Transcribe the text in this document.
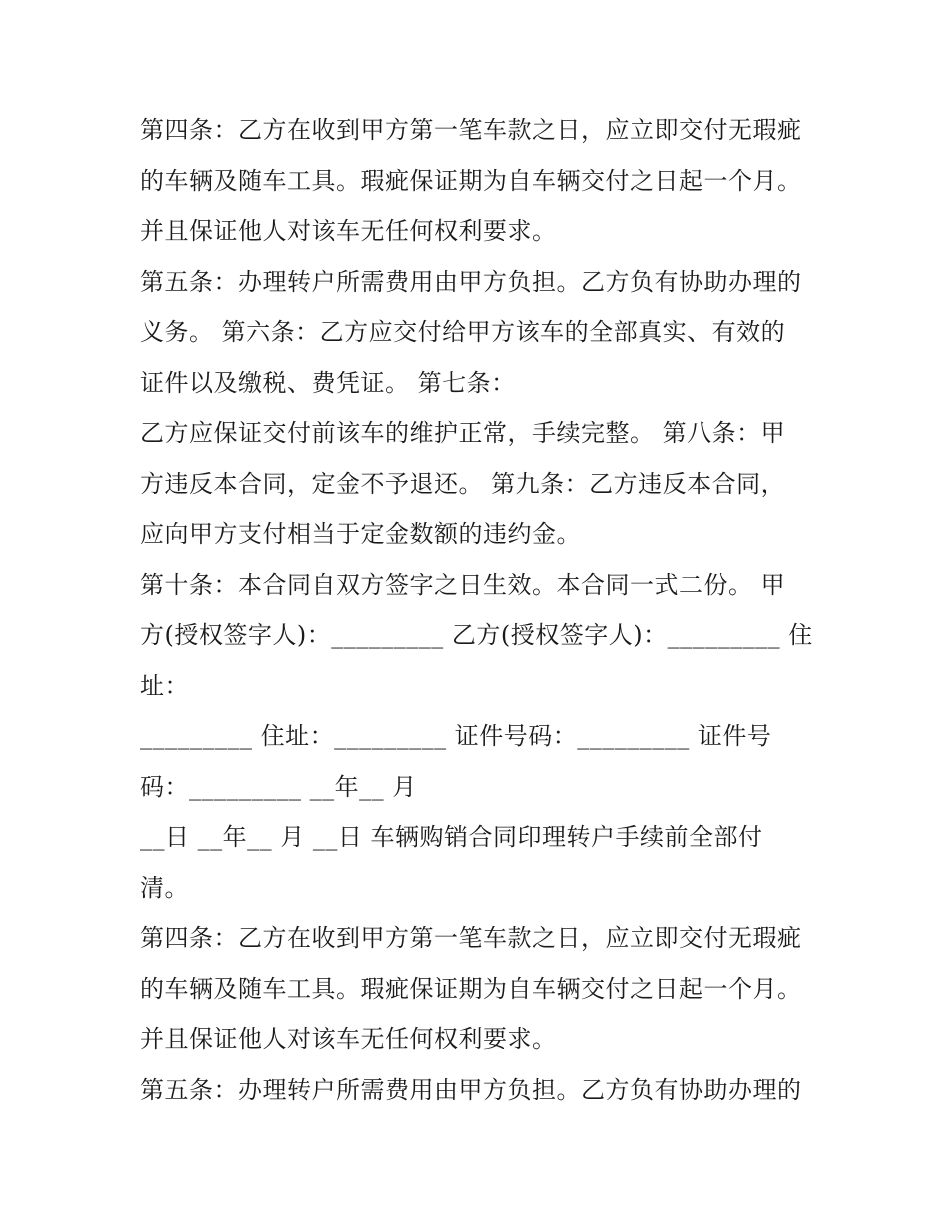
第四条：乙方在收到甲方第一笔车款之日，应立即交付无瑕疵
的车辆及随车工具。瑕疵保证期为自车辆交付之日起一个月。
并且保证他人对该车无任何权利要求。
第五条：办理转户所需费用由甲方负担。乙方负有协助办理的
义务。 第六条：乙方应交付给甲方该车的全部真实、有效的
证件以及缴税、费凭证。 第七条：
乙方应保证交付前该车的维护正常，手续完整。 第八条：甲
方违反本合同，定金不予退还。 第九条：乙方违反本合同，
应向甲方支付相当于定金数额的违约金。
第十条：本合同自双方签字之日生效。本合同一式二份。 甲
方(授权签字人)：_________ 乙方(授权签字人)：_________ 住
址：
_________ 住址：_________ 证件号码：_________ 证件号
码：_________ __年__ 月
__日 __年__ 月 __日 车辆购销合同印理转户手续前全部付
清。
第四条：乙方在收到甲方第一笔车款之日，应立即交付无瑕疵
的车辆及随车工具。瑕疵保证期为自车辆交付之日起一个月。
并且保证他人对该车无任何权利要求。
第五条：办理转户所需费用由甲方负担。乙方负有协助办理的
